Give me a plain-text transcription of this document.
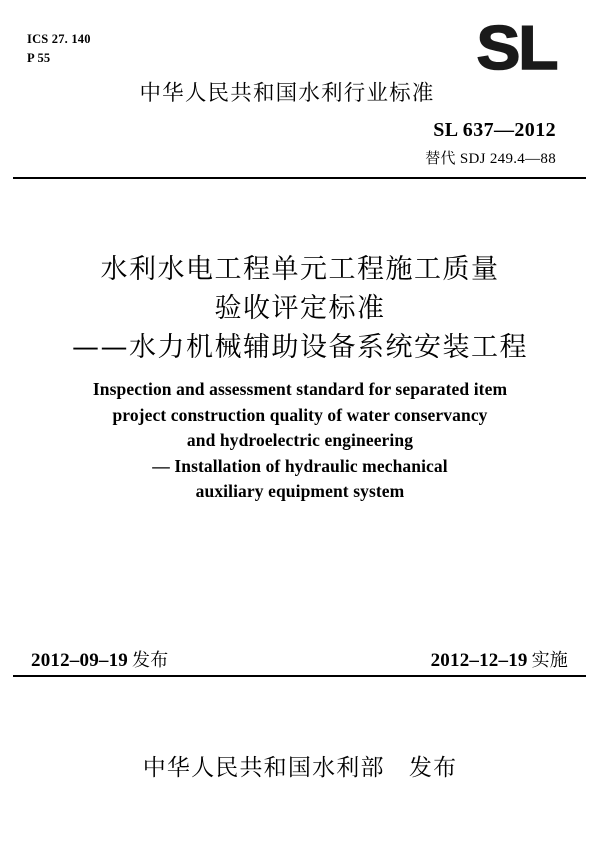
ICS 27. 140
P 55	SL
中华人民共和国水利行业标准
SL 637—2012
替代 SDJ 249.4—88
水利水电工程单元工程施工质量
验收评定标准
——水力机械辅助设备系统安装工程
Inspection and assessment standard for separated item
project construction quality of water conservancy
and hydroelectric engineering
— Installation of hydraulic mechanical
auxiliary equipment system
2012–09–19 发布	2012–12–19 实施
中华人民共和国水利部　发布
